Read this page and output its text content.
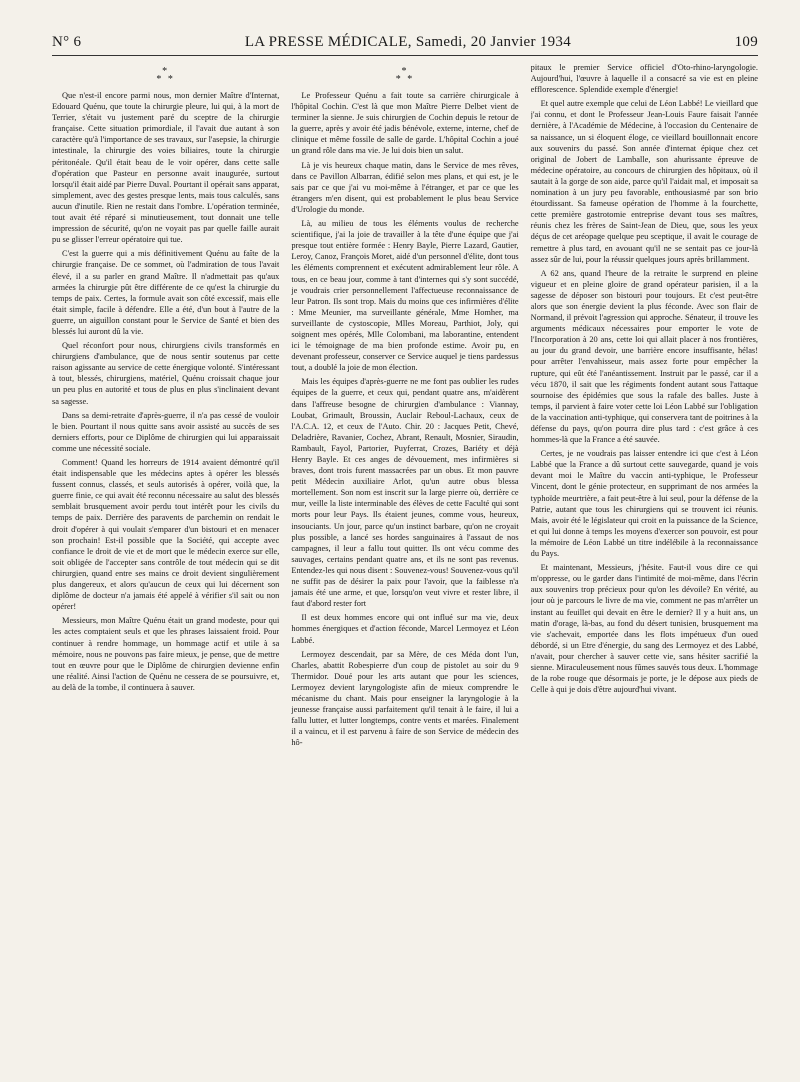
N° 6	LA PRESSE MÉDICALE, Samedi, 20 Janvier 1934	109
*
* *

Que n'est-il encore parmi nous, mon dernier Maître d'Internat, Edouard Quénu, que toute la chirurgie pleure, lui qui, à la mort de Terrier, s'était vu justement paré du sceptre de la chirurgie française. Cette situation primordiale, il l'avait due autant à son caractère qu'à l'importance de ses travaux, sur l'asepsie, la chirurgie intestinale, la chirurgie des voies biliaires, toute la chirurgie péritonéale. Qu'il était beau de le voir opérer, dans cette salle d'opération que Pasteur en personne avait inaugurée, surtout lorsqu'il était aidé par Pierre Duval. Pourtant il opérait sans apparat, simplement, avec des gestes presque lents, mais tous calculés, sans aucun d'inutile. Rien ne restait dans l'ombre. L'opération terminée, tout avait été réparé si minutieusement, tout donnait une telle impression de sécurité, qu'on ne voyait pas par quelle faille aurait pu se glisser l'erreur opératoire qui tue.

C'est la guerre qui a mis définitivement Quénu au faîte de la chirurgie française. De ce sommet, où l'admiration de tous l'avait élevé, il a su parler en grand Maître. Il n'admettait pas qu'aux armées la chirurgie pût être différente de ce qu'est la chirurgie du temps de paix. Certes, la formule avait son côté excessif, mais elle était simple, facile à défendre. Elle a été, d'un bout à l'autre de la guerre, un aiguillon constant pour le Service de Santé et bien des blessés lui auront dû la vie.

Quel réconfort pour nous, chirurgiens civils transformés en chirurgiens d'ambulance, que de nous sentir soutenus par cette raison agissante au service de cette énergique volonté. S'intéressant à tout, blessés, chirurgiens, matériel, Quénu croissait chaque jour un peu plus en autorité et tous de plus en plus s'inclinaient devant sa sagesse.

Dans sa demi-retraite d'après-guerre, il n'a pas cessé de vouloir le bien. Pourtant il nous quitte sans avoir assisté au succès de ses derniers efforts, pour ce Diplôme de chirurgien qui lui apparaissait comme une nécessité sociale.

Comment! Quand les horreurs de 1914 avaient démontré qu'il était indispensable que les médecins aptes à opérer les blessés fussent connus, classés, et seuls autorisés à opérer, voilà que, la guerre finie, ce qui avait été reconnu nécessaire au salut des blessés semblait brusquement avoir perdu tout intérêt pour les civils du temps de paix. Derrière des paravents de parchemin on rendait le droit d'opérer à qui voulait s'emparer d'un bistouri et en menacer son prochain! Est-il possible que la Société, qui accepte avec confiance le droit de vie et de mort que le médecin exerce sur elle, soit obligée de l'accepter sans contrôle de tout médecin qui se dit chirurgien, quand entre ses mains ce droit devient singulièrement plus dangereux, et alors qu'aucun de ceux qui lui décernent son diplôme de docteur n'a jamais été appelé à vérifier s'il sait ou non opérer!

Messieurs, mon Maître Quénu était un grand modeste, pour qui les actes comptaient seuls et que les phrases laissaient froid. Pour continuer à rendre hommage, un hommage actif et utile à sa mémoire, nous ne pouvons pas faire mieux, je pense, que de mettre tout en œuvre pour que le Diplôme de chirurgien devienne enfin une réalité. Ainsi l'action de Quénu ne cessera de se poursuivre, et, au delà de la tombe, il continuera à sauver.

*
* *

Le Professeur Quénu a fait toute sa carrière chirurgicale à l'hôpital Cochin. C'est là que mon Maître Pierre Delbet vient de terminer la sienne. Je suis chirurgien de Cochin depuis le retour de la guerre, après y avoir été jadis bénévole, externe, interne, chef de clinique et même fossile de salle de garde. L'hôpital Cochin a joué un grand rôle dans ma vie. Je lui dois bien un salut.

Là je vis heureux chaque matin, dans le Service de mes rêves, dans ce Pavillon Albarran, édifié selon mes plans, et qui est, je le sais par ce que j'ai vu moi-même à l'étranger, et par ce que les étrangers m'en disent, qui est probablement le plus beau Service d'Urologie du monde.

Là, au milieu de tous les éléments voulus de recherche scientifique, j'ai la joie de travailler à la tête d'une équipe que j'ai presque tout entière formée : Henry Bayle, Pierre Lazard, Gautier, Leroy, Canoz, François Moret, aidé d'un personnel d'élite, dont tous les éléments comprennent et exécutent admirablement leur rôle. A tous, en ce beau jour, comme à tant d'internes qui s'y sont succédé, je voudrais crier personnellement l'affectueuse reconnaissance de leur Patron. Ils sont trop. Mais du moins que ces infirmières d'élite : Mme Meunier, ma surveillante générale, Mme Homher, ma surveillante de cystoscopie, Mlles Moreau, Parthiot, Joly, qui soignent mes opérés, Mlle Colombani, ma laborantine, entendent ici le témoignage de ma bien profonde estime. Avoir pu, en devenant professeur, conserver ce Service auquel je tiens pardessus tout, a doublé la joie de mon élection.

Mais les équipes d'après-guerre ne me font pas oublier les rudes équipes de la guerre, et ceux qui, pendant quatre ans, m'aidèrent dans l'affreuse besogne de chirurgien d'ambulance : Viannay, Loubat, Grimault, Broussin, Auclair Reboul-Lachaux, ceux de l'A.C.A. 12, et ceux de l'Auto. Chir. 20 : Jacques Petit, Chevé, Deladrière, Ravanier, Cochez, Abrant, Renault, Mosnier, Siraudin, Rambault, Fayol, Partorier, Puyferrat, Crozes, Bariéty et déjà Henry Bayle. Et ces anges de dévouement, mes infirmières si braves, dont trois furent massacrées par un obus. Et mon pauvre petit Médecin auxiliaire Arlot, qu'un autre obus blessa mortellement. Son nom est inscrit sur la large pierre où, derrière ce mur, veille la liste interminable des élèves de cette Faculté qui sont morts pour leur Pays. Ils étaient jeunes, comme vous, heureux, insouciants. Un jour, parce qu'un instinct barbare, qu'on ne croyait plus possible, a lancé ses hordes sanguinaires à l'assaut de nos campagnes, il leur a fallu tout quitter. Ils ont vécu comme des sauvages, certains pendant quatre ans, et ils ne sont pas revenus. Entendez-les qui nous disent : Souvenez-vous! Souvenez-vous qu'il ne suffit pas de désirer la paix pour l'avoir, que la faiblesse n'a jamais été une arme, et que, lorsqu'on veut vivre et rester libre, il faut d'abord rester fort

Il est deux hommes encore qui ont influé sur ma vie, deux hommes énergiques et d'action féconde, Marcel Lermoyez et Léon Labbé.

Lermoyez descendait, par sa Mère, de ces Méda dont l'un, Charles, abattit Robespierre d'un coup de pistolet au soir du 9 Thermidor. Doué pour les arts autant que pour les sciences, Lermoyez devient laryngologiste afin de mieux comprendre le mécanisme du chant. Mais pour enseigner la laryngologie à la jeunesse française aussi parfaitement qu'il tenait à le faire, il lui a fallu lutter, et lutter longtemps, contre vents et marées. Finalement il a vaincu, et il est parvenu à faire de son Service de médecin des hô-

pitaux le premier Service officiel d'Oto-rhino-laryngologie. Aujourd'hui, l'œuvre à laquelle il a consacré sa vie est en pleine efflorescence. Splendide exemple d'énergie!

Et quel autre exemple que celui de Léon Labbé! Le vieillard que j'ai connu, et dont le Professeur Jean-Louis Faure faisait l'année dernière, à l'Académie de Médecine, à l'occasion du Centenaire de sa naissance, un si éloquent éloge, ce vieillard bouillonnait encore aux souvenirs du passé. Son année d'internat épique chez cet original de Jobert de Lamballe, son ahurissante épreuve de médecine opératoire, au concours de chirurgien des hôpitaux, où il sautait à la gorge de son aide, parce qu'il l'aidait mal, et imposait sa nomination à un jury peu favorable, enthousiasmé par son brio étourdissant. Sa fameuse opération de l'homme à la fourchette, cette première gastrotomie entreprise devant tous ses maîtres, réunis chez les frères de Saint-Jean de Dieu, que, sous les yeux déçus de cet aréopage quelque peu sceptique, il avait le courage de remettre à plus tard, en avouant qu'il ne se sentait pas ce jour-là assez sûr de lui, pour la réussir quelques jours après brillamment.

A 62 ans, quand l'heure de la retraite le surprend en pleine vigueur et en pleine gloire de grand opérateur parisien, il a la sagesse de déposer son bistouri pour toujours. Et c'est peut-être alors que son énergie devient la plus féconde. Avec son flair de Normand, il prévoit l'agression qui approche. Sénateur, il trouve les arguments médicaux nécessaires pour emporter le vote de l'Incorporation à 20 ans, cette loi qui allait placer à nos frontières, au jour du grand devoir, une barrière encore insuffisante, hélas! pour arrêter l'envahisseur, mais assez forte pour empêcher la rupture, qui eût été l'anéantissement. Instruit par le passé, car il a vécu 1870, il sait que les régiments fondent autant sous l'attaque sournoise des épidémies que sous la rafale des balles. Juste à temps, il parvient à faire voter cette loi Léon Labbé sur l'obligation de la vaccination anti-typhique, qui conservera tant de poitrines à la défense du pays, qu'on pourra dire plus tard : c'est grâce à ces hommes-là que la France a été sauvée.

Certes, je ne voudrais pas laisser entendre ici que c'est à Léon Labbé que la France a dû surtout cette sauvegarde, quand je vois devant moi le Maître du vaccin anti-typhique, le Professeur Vincent, dont le génie protecteur, en supprimant de nos armées la typhoïde meurtrière, a fait peut-être à lui seul, pour la défense de la Patrie, autant que tous les chirurgiens qui se trouvent ici réunis. Mais, avoir été le législateur qui croit en la puissance de la Science, et qui lui donne à temps les moyens d'exercer son pouvoir, est pour la mémoire de Léon Labbé un titre indélébile à la reconnaissance du Pays.

Et maintenant, Messieurs, j'hésite. Faut-il vous dire ce qui m'oppresse, ou le garder dans l'intimité de moi-même, dans l'écrin aux souvenirs trop précieux pour qu'on les dévoile? En vérité, au jour où je parcours le livre de ma vie, comment ne pas m'arrêter un instant au feuillet qui devait en être le dernier? Il y a huit ans, un matin d'orage, là-bas, au fond du désert tunisien, brusquement ma vie s'achevait, emportée dans les flots impétueux d'un oued débordé, si un Etre d'énergie, du sang des Lermoyez et des Labbé, n'avait, pour chercher à sauver cette vie, sans hésiter sacrifié la sienne. Miraculeusement nous fûmes sauvés tous deux. L'hommage de la robe rouge que désormais je porte, je le dépose aux pieds de Celle à qui je dois d'être aujourd'hui vivant.
